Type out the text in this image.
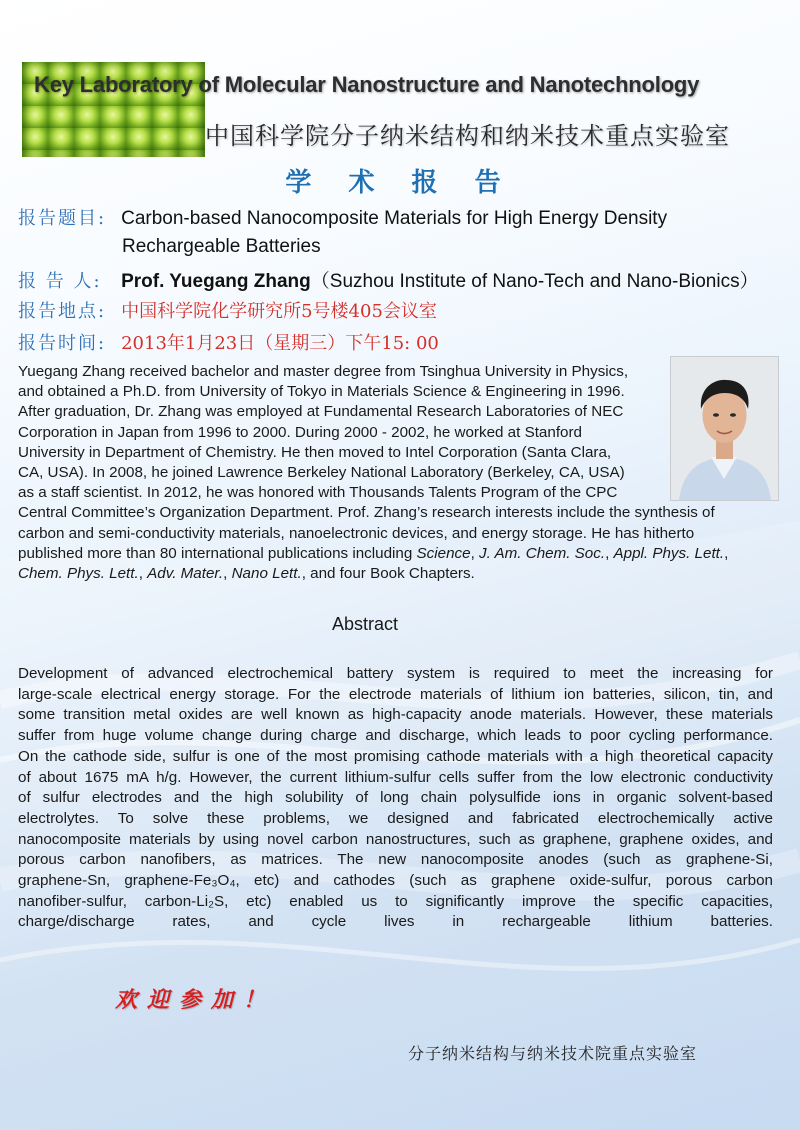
Key Laboratory of Molecular Nanostructure and Nanotechnology
中国科学院分子纳米结构和纳米技术重点实验室
学 术 报 告
报告题目: Carbon-based Nanocomposite Materials for High Energy Density
Rechargeable Batteries
报 告 人: Prof. Yuegang Zhang（Suzhou Institute of Nano-Tech and Nano-Bionics）
报告地点: 中国科学院化学研究所5号楼405会议室
报告时间: 2013年1月23日（星期三）下午15: 00
Yuegang Zhang received bachelor and master degree from Tsinghua University in Physics,
and obtained a Ph.D. from University of Tokyo in Materials Science & Engineering in 1996.
After graduation, Dr. Zhang was employed at Fundamental Research Laboratories of NEC
Corporation in Japan from 1996 to 2000. During 2000 - 2002, he worked at Stanford
University in Department of Chemistry. He then moved to Intel Corporation (Santa Clara,
CA, USA). In 2008, he joined Lawrence Berkeley National Laboratory (Berkeley, CA, USA)
as a staff scientist. In 2012, he was honored with Thousands Talents Program of the CPC
Central Committee’s Organization Department. Prof. Zhang’s research interests include the synthesis of
carbon and semi-conductivity materials, nanoelectronic devices, and energy storage. He has hitherto
published more than 80 international publications including Science, J. Am. Chem. Soc., Appl. Phys. Lett.,
Chem. Phys. Lett., Adv. Mater., Nano Lett., and four Book Chapters.
Abstract
Development of advanced electrochemical battery system is required to meet the increasing for
large-scale electrical energy storage. For the electrode materials of lithium ion batteries, silicon, tin, and
some transition metal oxides are well known as high-capacity anode materials. However, these materials
suffer from huge volume change during charge and discharge, which leads to poor cycling performance.
On the cathode side, sulfur is one of the most promising cathode materials with a high theoretical capacity
of about 1675 mA h/g. However, the current lithium-sulfur cells suffer from the low electronic conductivity
of sulfur electrodes and the high solubility of long chain polysulfide ions in organic solvent-based
electrolytes. To solve these problems, we designed and fabricated electrochemically active
nanocomposite materials by using novel carbon nanostructures, such as graphene, graphene oxides, and
porous carbon nanofibers, as matrices. The new nanocomposite anodes (such as graphene-Si,
graphene-Sn, graphene-Fe₃O₄, etc) and cathodes (such as graphene oxide-sulfur, porous carbon
nanofiber-sulfur, carbon-Li₂S, etc) enabled us to significantly improve the specific capacities,
charge/discharge rates, and cycle lives in rechargeable lithium batteries.
欢迎参加！
分子纳米结构与纳米技术院重点实验室
